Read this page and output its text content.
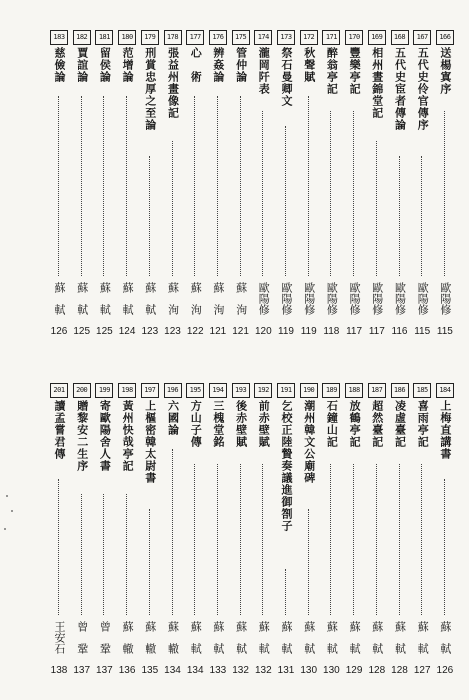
183
慈儉論
蘇　軾
126
182
賈誼論
蘇　軾
125
181
留侯論
蘇　軾
125
180
范增論
蘇　軾
124
179
刑賞忠厚之至論
蘇　軾
123
178
張益州畫像記
蘇　洵
123
177
心　術
蘇　洵
122
176
辨姦論
蘇　洵
121
175
管仲論
蘇　洵
121
174
瀧岡阡表
歐陽修
120
173
祭石曼卿文
歐陽修
119
172
秋聲賦
歐陽修
119
171
醉翁亭記
歐陽修
118
170
豐樂亭記
歐陽修
117
169
相州晝錦堂記
歐陽修
117
168
五代史宦者傳論
歐陽修
116
167
五代史伶官傳序
歐陽修
115
166
送楊寘序
歐陽修
115
201
讀孟嘗君傳
王安石
138
200
贈黎安二生序
曾　鞏
137
199
寄歐陽舍人書
曾　鞏
137
198
黃州快哉亭記
蘇　轍
136
197
上樞密韓太尉書
蘇　轍
135
196
六國論
蘇　轍
134
195
方山子傳
蘇　軾
134
194
三槐堂銘
蘇　軾
133
193
後赤壁賦
蘇　軾
132
192
前赤壁賦
蘇　軾
132
191
乞校正陸贄奏議進御劄子
蘇　軾
131
190
潮州韓文公廟碑
蘇　軾
130
189
石鐘山記
蘇　軾
130
188
放鶴亭記
蘇　軾
129
187
超然臺記
蘇　軾
128
186
凌虛臺記
蘇　軾
128
185
喜雨亭記
蘇　軾
127
184
上梅直講書
蘇　軾
126
